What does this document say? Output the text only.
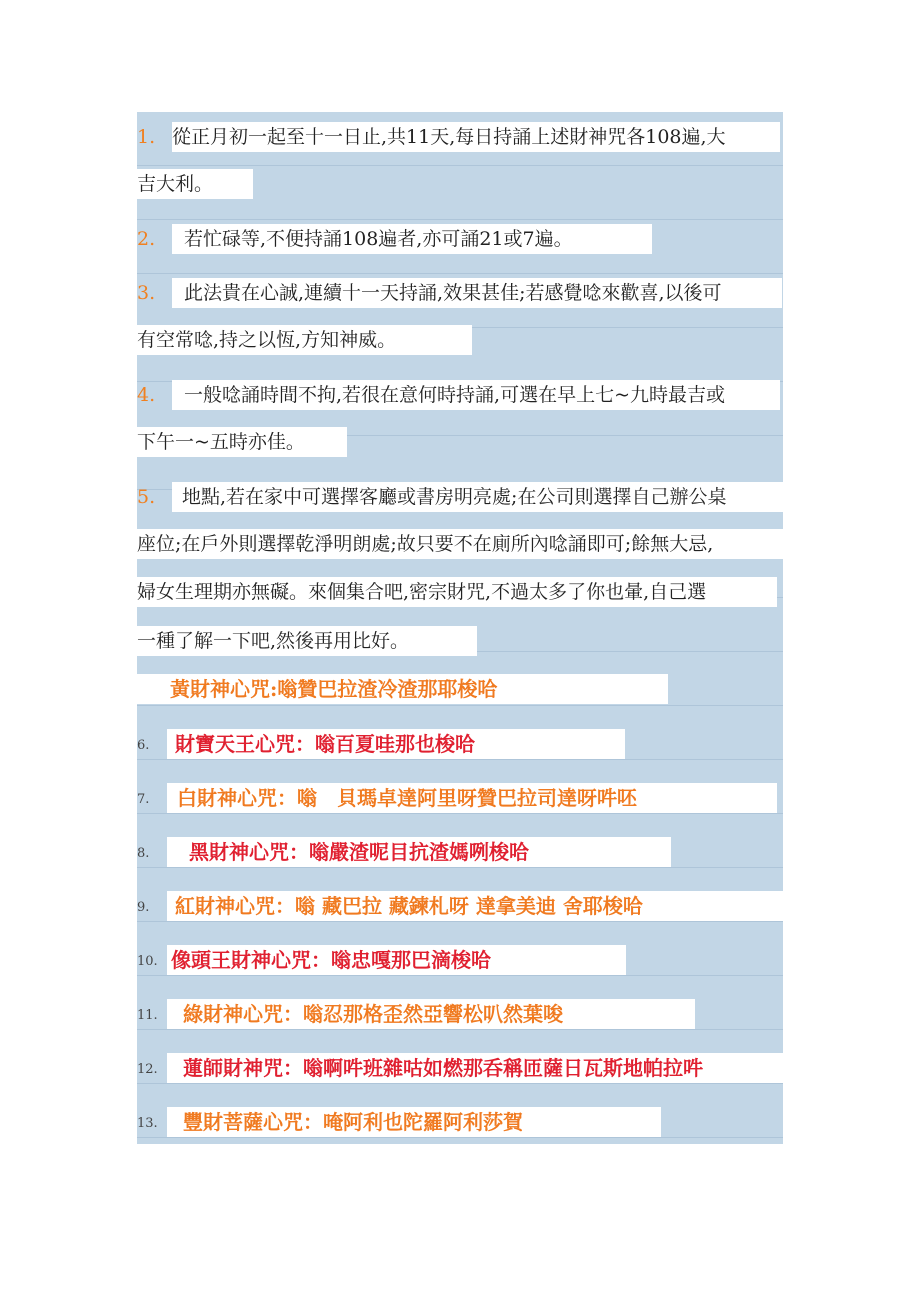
1. 從正月初一起至十一日止,共11天,每日持誦上述財神咒各108遍,大
吉大利。
2. 若忙碌等,不便持誦108遍者,亦可誦21或7遍。
3. 此法貴在心誠,連續十一天持誦,效果甚佳;若感覺唸來歡喜,以後可
有空常唸,持之以恆,方知神威。
4. 一般唸誦時間不拘,若很在意何時持誦,可選在早上七~九時最吉或
下午一~五時亦佳。
5. 地點,若在家中可選擇客廳或書房明亮處;在公司則選擇自己辦公桌
座位;在戶外則選擇乾淨明朗處;故只要不在廁所內唸誦即可;餘無大忌,
婦女生理期亦無礙。來個集合吧,密宗財咒,不過太多了你也暈,自己選
一種了解一下吧,然後再用比好。
黃財神心咒:嗡贊巴拉渣冷渣那耶梭哈
6. 財寶天王心咒：嗡百夏哇那也梭哈
7. 白財神心咒：嗡　貝瑪卓達阿里呀贊巴拉司達呀吽呸
8. 黑財神心咒：嗡嚴渣呢目抗渣媽咧梭哈
9. 紅財神心咒：嗡 藏巴拉 藏鍊札呀 達拿美迪 舍耶梭哈
10. 像頭王財神心咒：嗡忠嘎那巴滴梭哈
11. 綠財神心咒：嗡忍那格歪然亞響松叭然葉唆
12. 蓮師財神咒：嗡啊吽班雜咕如燃那呑稱匝薩日瓦斯地帕拉吽
13. 豐財菩薩心咒：唵阿利也陀羅阿利莎賀
